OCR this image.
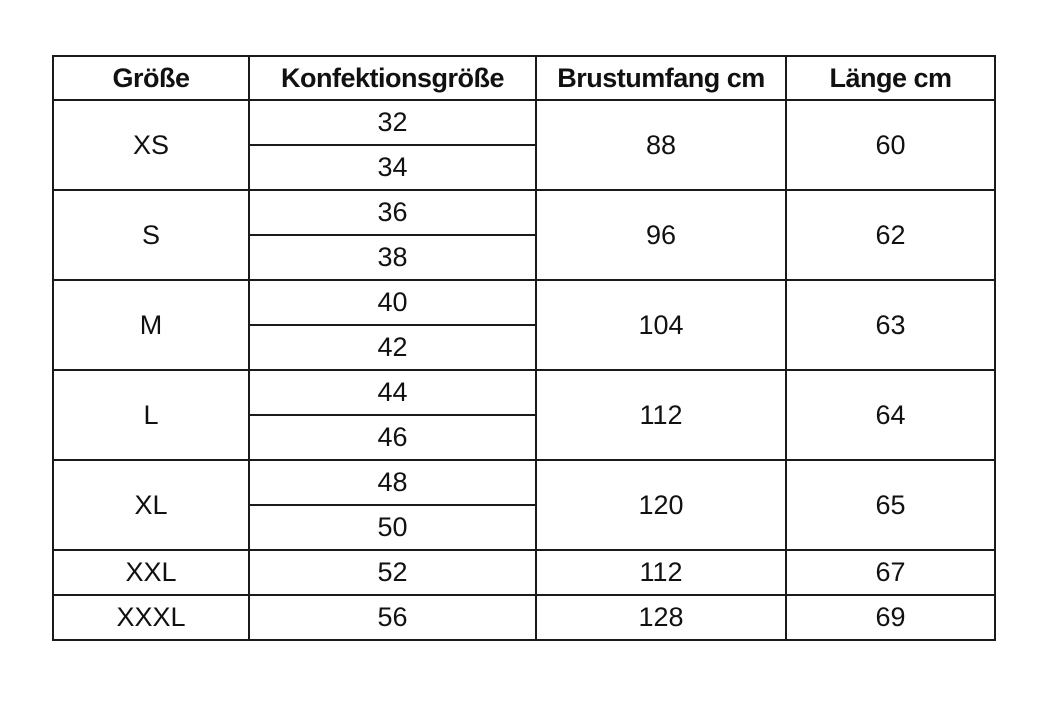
Größe	Konfektionsgröße	Brustumfang cm	Länge cm
XS	32	88	60
	34		
S	36	96	62
	38		
M	40	104	63
	42		
L	44	112	64
	46		
XL	48	120	65
	50		
XXL	52	112	67
XXXL	56	128	69
